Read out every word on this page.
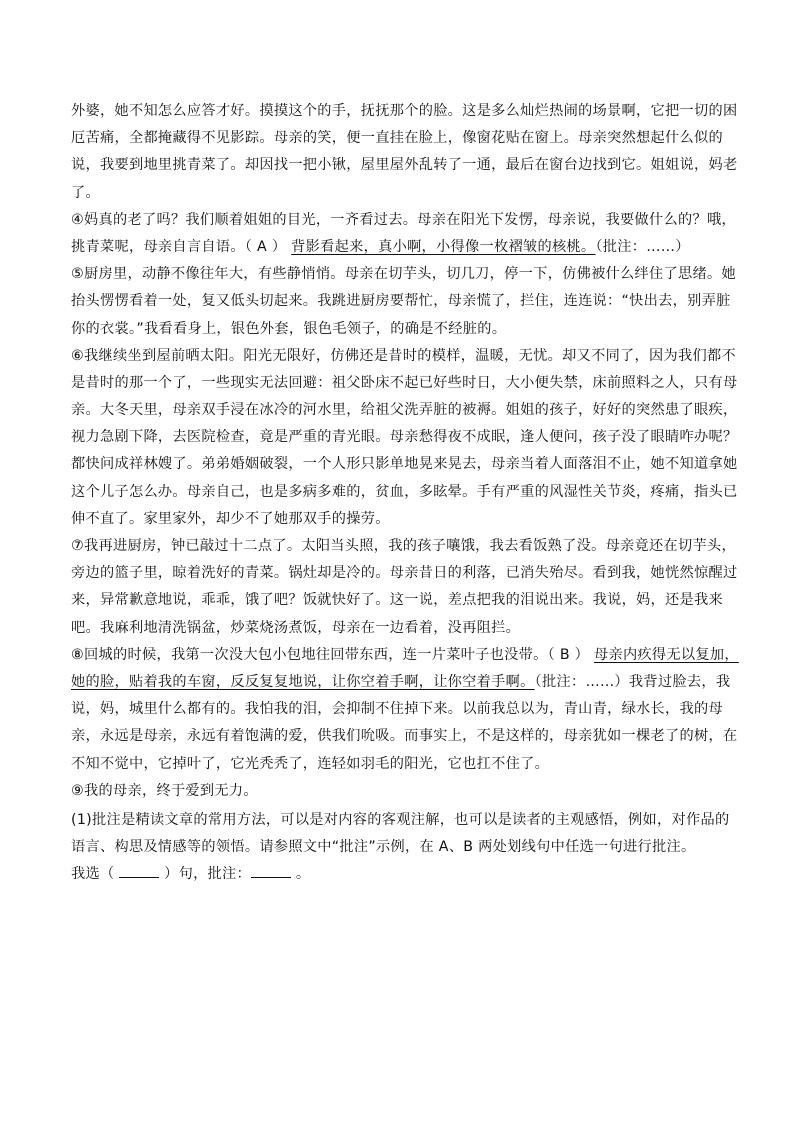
外婆，她不知怎么应答才好。摸摸这个的手，抚抚那个的脸。这是多么灿烂热闹的场景啊，它把一切的困
厄苦痛，全都掩藏得不见影踪。母亲的笑，便一直挂在脸上，像窗花贴在窗上。母亲突然想起什么似的
说，我要到地里挑青菜了。却因找一把小锹，屋里屋外乱转了一通，最后在窗台边找到它。姐姐说，妈老
了。
④妈真的老了吗？我们顺着姐姐的目光，一齐看过去。母亲在阳光下发愣，母亲说，我要做什么的？哦，
挑青菜呢，母亲自言自语。（ A ） 背影看起来，真小啊，小得像一枚褶皱的核桃。（批注：……）
⑤厨房里，动静不像往年大，有些静悄悄。母亲在切芋头，切几刀，停一下，仿佛被什么绊住了思绪。她
抬头愣愣看着一处，复又低头切起来。我跳进厨房要帮忙，母亲慌了，拦住，连连说：“快出去，别弄脏
你的衣裳。”我看看身上，银色外套，银色毛领子，的确是不经脏的。
⑥我继续坐到屋前晒太阳。阳光无限好，仿佛还是昔时的模样，温暖，无忧。却又不同了，因为我们都不
是昔时的那一个了，一些现实无法回避：祖父卧床不起已好些时日，大小便失禁，床前照料之人，只有母
亲。大冬天里，母亲双手浸在冰冷的河水里，给祖父洗弄脏的被褥。姐姐的孩子，好好的突然患了眼疾，
视力急剧下降，去医院检查，竟是严重的青光眼。母亲愁得夜不成眠，逢人便问，孩子没了眼睛咋办呢？
都快问成祥林嫂了。弟弟婚姻破裂，一个人形只影单地晃来晃去，母亲当着人面落泪不止，她不知道拿她
这个儿子怎么办。母亲自己，也是多病多难的，贫血，多眩晕。手有严重的风湿性关节炎，疼痛，指头已
伸不直了。家里家外，却少不了她那双手的操劳。
⑦我再进厨房，钟已敲过十二点了。太阳当头照，我的孩子嚷饿，我去看饭熟了没。母亲竟还在切芋头，
旁边的篮子里，晾着洗好的青菜。锅灶却是冷的。母亲昔日的利落，已消失殆尽。看到我，她恍然惊醒过
来，异常歉意地说，乖乖，饿了吧？饭就快好了。这一说，差点把我的泪说出来。我说，妈，还是我来
吧。我麻利地清洗锅盆，炒菜烧汤煮饭，母亲在一边看着，没再阻拦。
⑧回城的时候，我第一次没大包小包地往回带东西，连一片菜叶子也没带。（ B ） 母亲内疚得无以复加，
她的脸，贴着我的车窗，反反复复地说，让你空着手啊，让你空着手啊。（批注：……）我背过脸去，我
说，妈，城里什么都有的。我怕我的泪，会抑制不住掉下来。以前我总以为，青山青，绿水长，我的母
亲，永远是母亲，永远有着饱满的爱，供我们吮吸。而事实上，不是这样的，母亲犹如一棵老了的树，在
不知不觉中，它掉叶了，它光秃秃了，连轻如羽毛的阳光，它也扛不住了。
⑨我的母亲，终于爱到无力。
(1)批注是精读文章的常用方法，可以是对内容的客观注解，也可以是读者的主观感悟，例如，对作品的
语言、构思及情感等的领悟。请参照文中“批注”示例，在 A、B 两处划线句中任选一句进行批注。
我选（	）句，批注：	。
